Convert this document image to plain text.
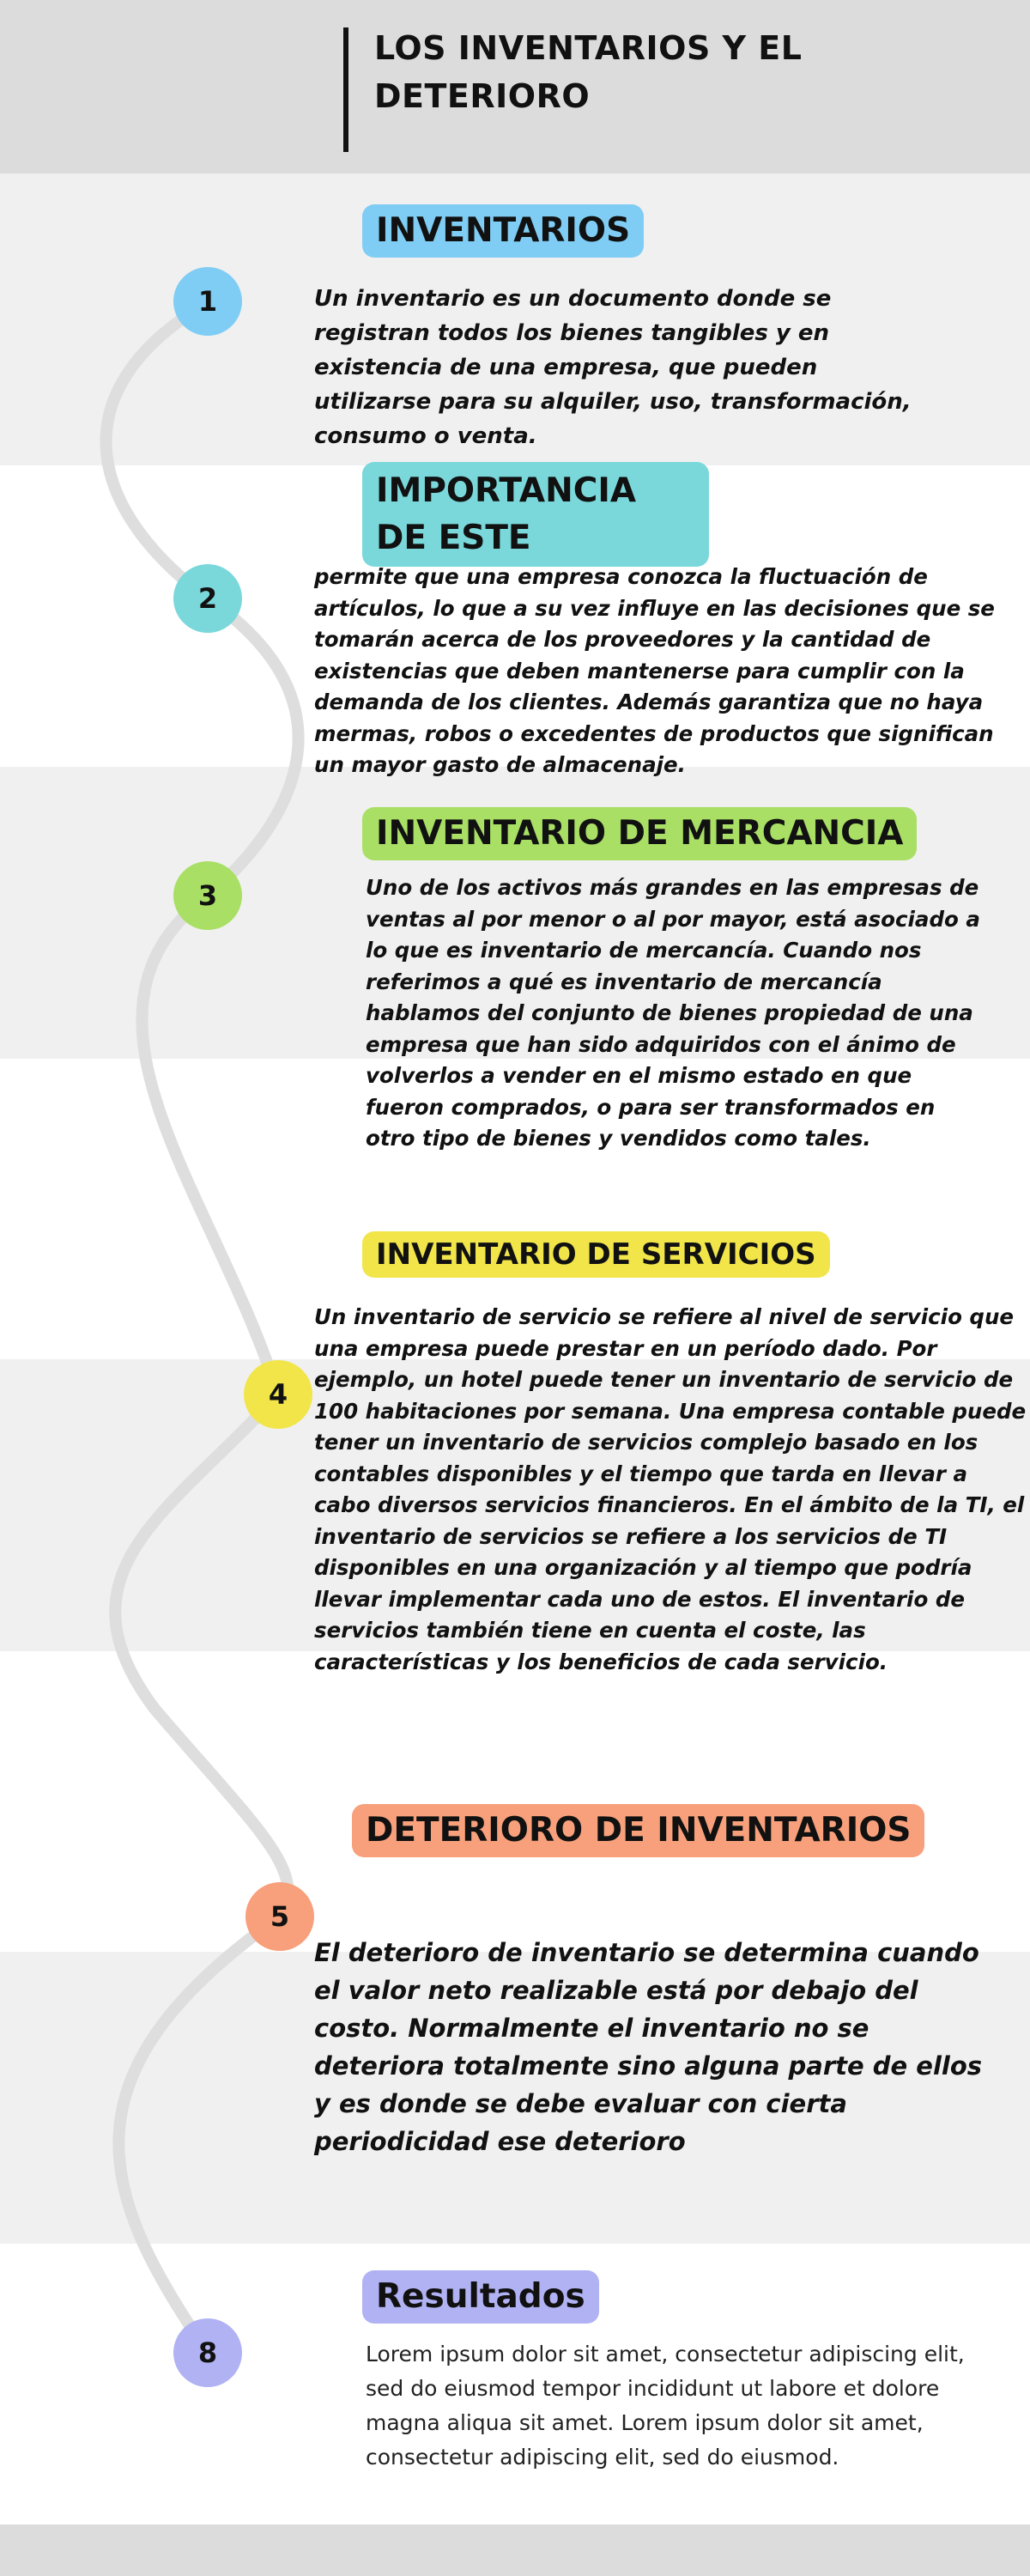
LOS INVENTARIOS Y EL DETERIORO
INVENTARIOS
1	Un inventario es un documento donde se registran todos los bienes tangibles y en existencia de una empresa, que pueden utilizarse para su alquiler, uso, transformación, consumo o venta.
IMPORTANCIA DE ESTE
2
permite que una empresa conozca la fluctuación de artículos, lo que a su vez influye en las decisiones que se tomarán acerca de los proveedores y la cantidad de existencias que deben mantenerse para cumplir con la demanda de los clientes. Además garantiza que no haya mermas, robos o excedentes de productos que significan un mayor gasto de almacenaje.
INVENTARIO DE MERCANCIA
3	Uno de los activos más grandes en las empresas de ventas al por menor o al por mayor, está asociado a lo que es inventario de mercancía. Cuando nos referimos a qué es inventario de mercancía hablamos del conjunto de bienes propiedad de una empresa que han sido adquiridos con el ánimo de volverlos a vender en el mismo estado en que fueron comprados, o para ser transformados en otro tipo de bienes y vendidos como tales.
INVENTARIO DE SERVICIOS
4
Un inventario de servicio se refiere al nivel de servicio que una empresa puede prestar en un período dado. Por ejemplo, un hotel puede tener un inventario de servicio de 100 habitaciones por semana. Una empresa contable puede tener un inventario de servicios complejo basado en los contables disponibles y el tiempo que tarda en llevar a cabo diversos servicios financieros. En el ámbito de la TI, el inventario de servicios se refiere a los servicios de TI disponibles en una organización y al tiempo que podría llevar implementar cada uno de estos. El inventario de servicios también tiene en cuenta el coste, las características y los beneficios de cada servicio.
DETERIORO DE INVENTARIOS
5
El deterioro de inventario se determina cuando el valor neto realizable está por debajo del costo. Normalmente el inventario no se deteriora totalmente sino alguna parte de ellos y es donde se debe evaluar con cierta periodicidad ese deterioro
Resultados
8	Lorem ipsum dolor sit amet, consectetur adipiscing elit, sed do eiusmod tempor incididunt ut labore et dolore magna aliqua sit amet. Lorem ipsum dolor sit amet, consectetur adipiscing elit, sed do eiusmod.
